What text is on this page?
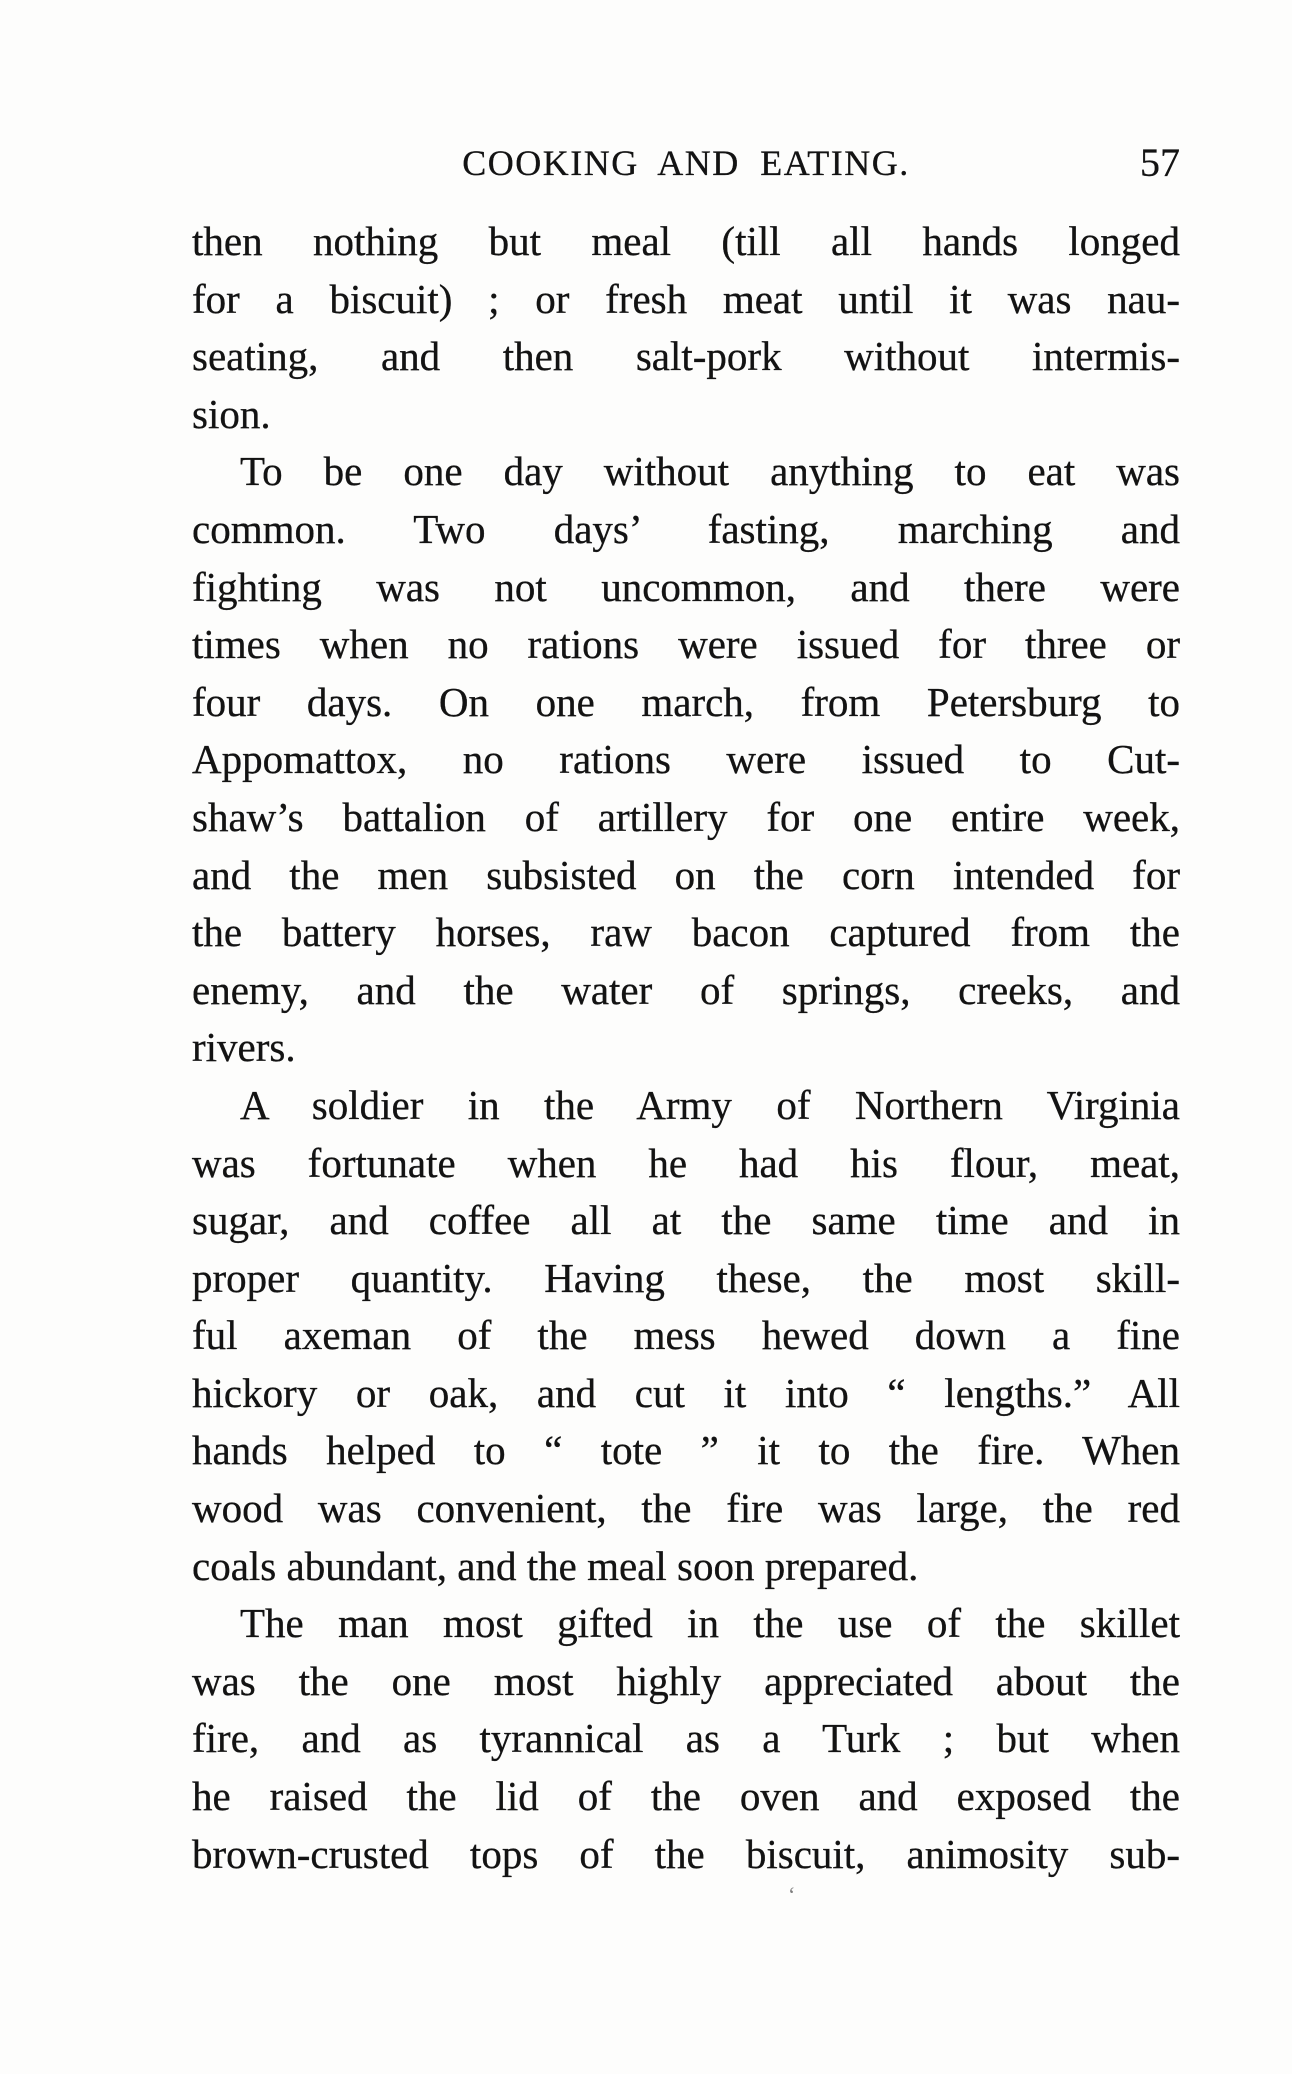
COOKING AND EATING.	57
then nothing but meal (till all hands longed
for a biscuit) ; or fresh meat until it was nau-
seating, and then salt-pork without intermis-
sion.
To be one day without anything to eat was
common. Two days’ fasting, marching and
fighting was not uncommon, and there were
times when no rations were issued for three or
four days. On one march, from Petersburg to
Appomattox, no rations were issued to Cut-
shaw’s battalion of artillery for one entire week,
and the men subsisted on the corn intended for
the battery horses, raw bacon captured from the
enemy, and the water of springs, creeks, and
rivers.
A soldier in the Army of Northern Virginia
was fortunate when he had his flour, meat,
sugar, and coffee all at the same time and in
proper quantity. Having these, the most skill-
ful axeman of the mess hewed down a fine
hickory or oak, and cut it into “ lengths.” All
hands helped to “ tote ” it to the fire. When
wood was convenient, the fire was large, the red
coals abundant, and the meal soon prepared.
The man most gifted in the use of the skillet
was the one most highly appreciated about the
fire, and as tyrannical as a Turk ; but when
he raised the lid of the oven and exposed the
brown-crusted tops of the biscuit, animosity sub-
‘
